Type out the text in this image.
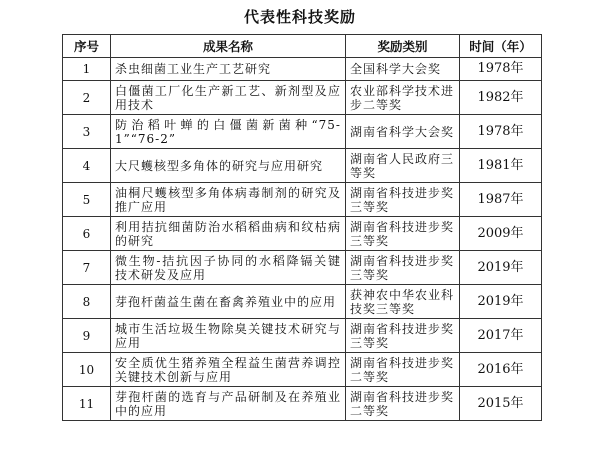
代表性科技奖励
序号	成果名称	奖励类别	时间（年）
1	杀虫细菌工业生产工艺研究	全国科学大会奖	1978年
2	白僵菌工厂化生产新工艺、新剂型及应用技术	农业部科学技术进步二等奖	1982年
3	防治稻叶蝉的白僵菌新菌种“75-1”“76-2”	湖南省科学大会奖	1978年
4	大尺蠖核型多角体的研究与应用研究	湖南省人民政府三等奖	1981年
5	油桐尺蠖核型多角体病毒制剂的研究及推广应用	湖南省科技进步奖三等奖	1987年
6	利用拮抗细菌防治水稻稻曲病和纹枯病的研究	湖南省科技进步奖三等奖	2009年
7	微生物-拮抗因子协同的水稻降镉关键技术研发及应用	湖南省科技进步奖三等奖	2019年
8	芽孢杆菌益生菌在畜禽养殖业中的应用	获神农中华农业科技奖三等奖	2019年
9	城市生活垃圾生物除臭关键技术研究与应用	湖南省科技进步奖三等奖	2017年
10	安全质优生猪养殖全程益生菌营养调控关键技术创新与应用	湖南省科技进步奖二等奖	2016年
11	芽孢杆菌的选育与产品研制及在养殖业中的应用	湖南省科技进步奖二等奖	2015年
